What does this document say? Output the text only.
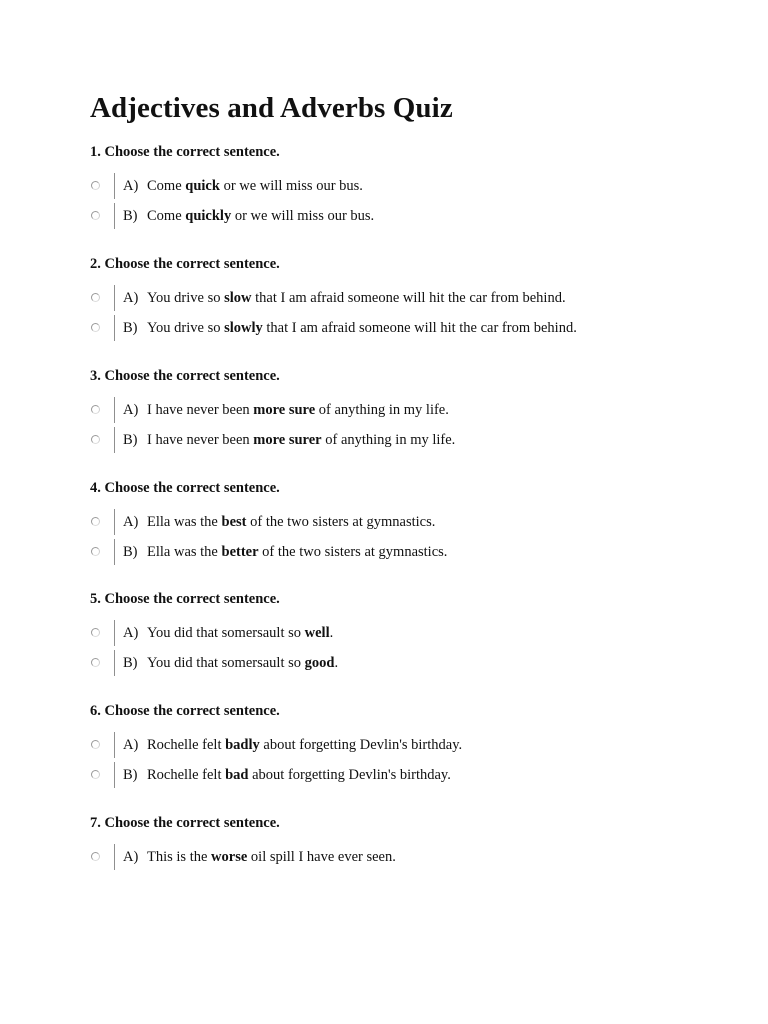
Adjectives and Adverbs Quiz
1. Choose the correct sentence.
A) Come quick or we will miss our bus.
B) Come quickly or we will miss our bus.
2. Choose the correct sentence.
A) You drive so slow that I am afraid someone will hit the car from behind.
B) You drive so slowly that I am afraid someone will hit the car from behind.
3. Choose the correct sentence.
A) I have never been more sure of anything in my life.
B) I have never been more surer of anything in my life.
4. Choose the correct sentence.
A) Ella was the best of the two sisters at gymnastics.
B) Ella was the better of the two sisters at gymnastics.
5. Choose the correct sentence.
A) You did that somersault so well.
B) You did that somersault so good.
6. Choose the correct sentence.
A) Rochelle felt badly about forgetting Devlin's birthday.
B) Rochelle felt bad about forgetting Devlin's birthday.
7. Choose the correct sentence.
A) This is the worse oil spill I have ever seen.
